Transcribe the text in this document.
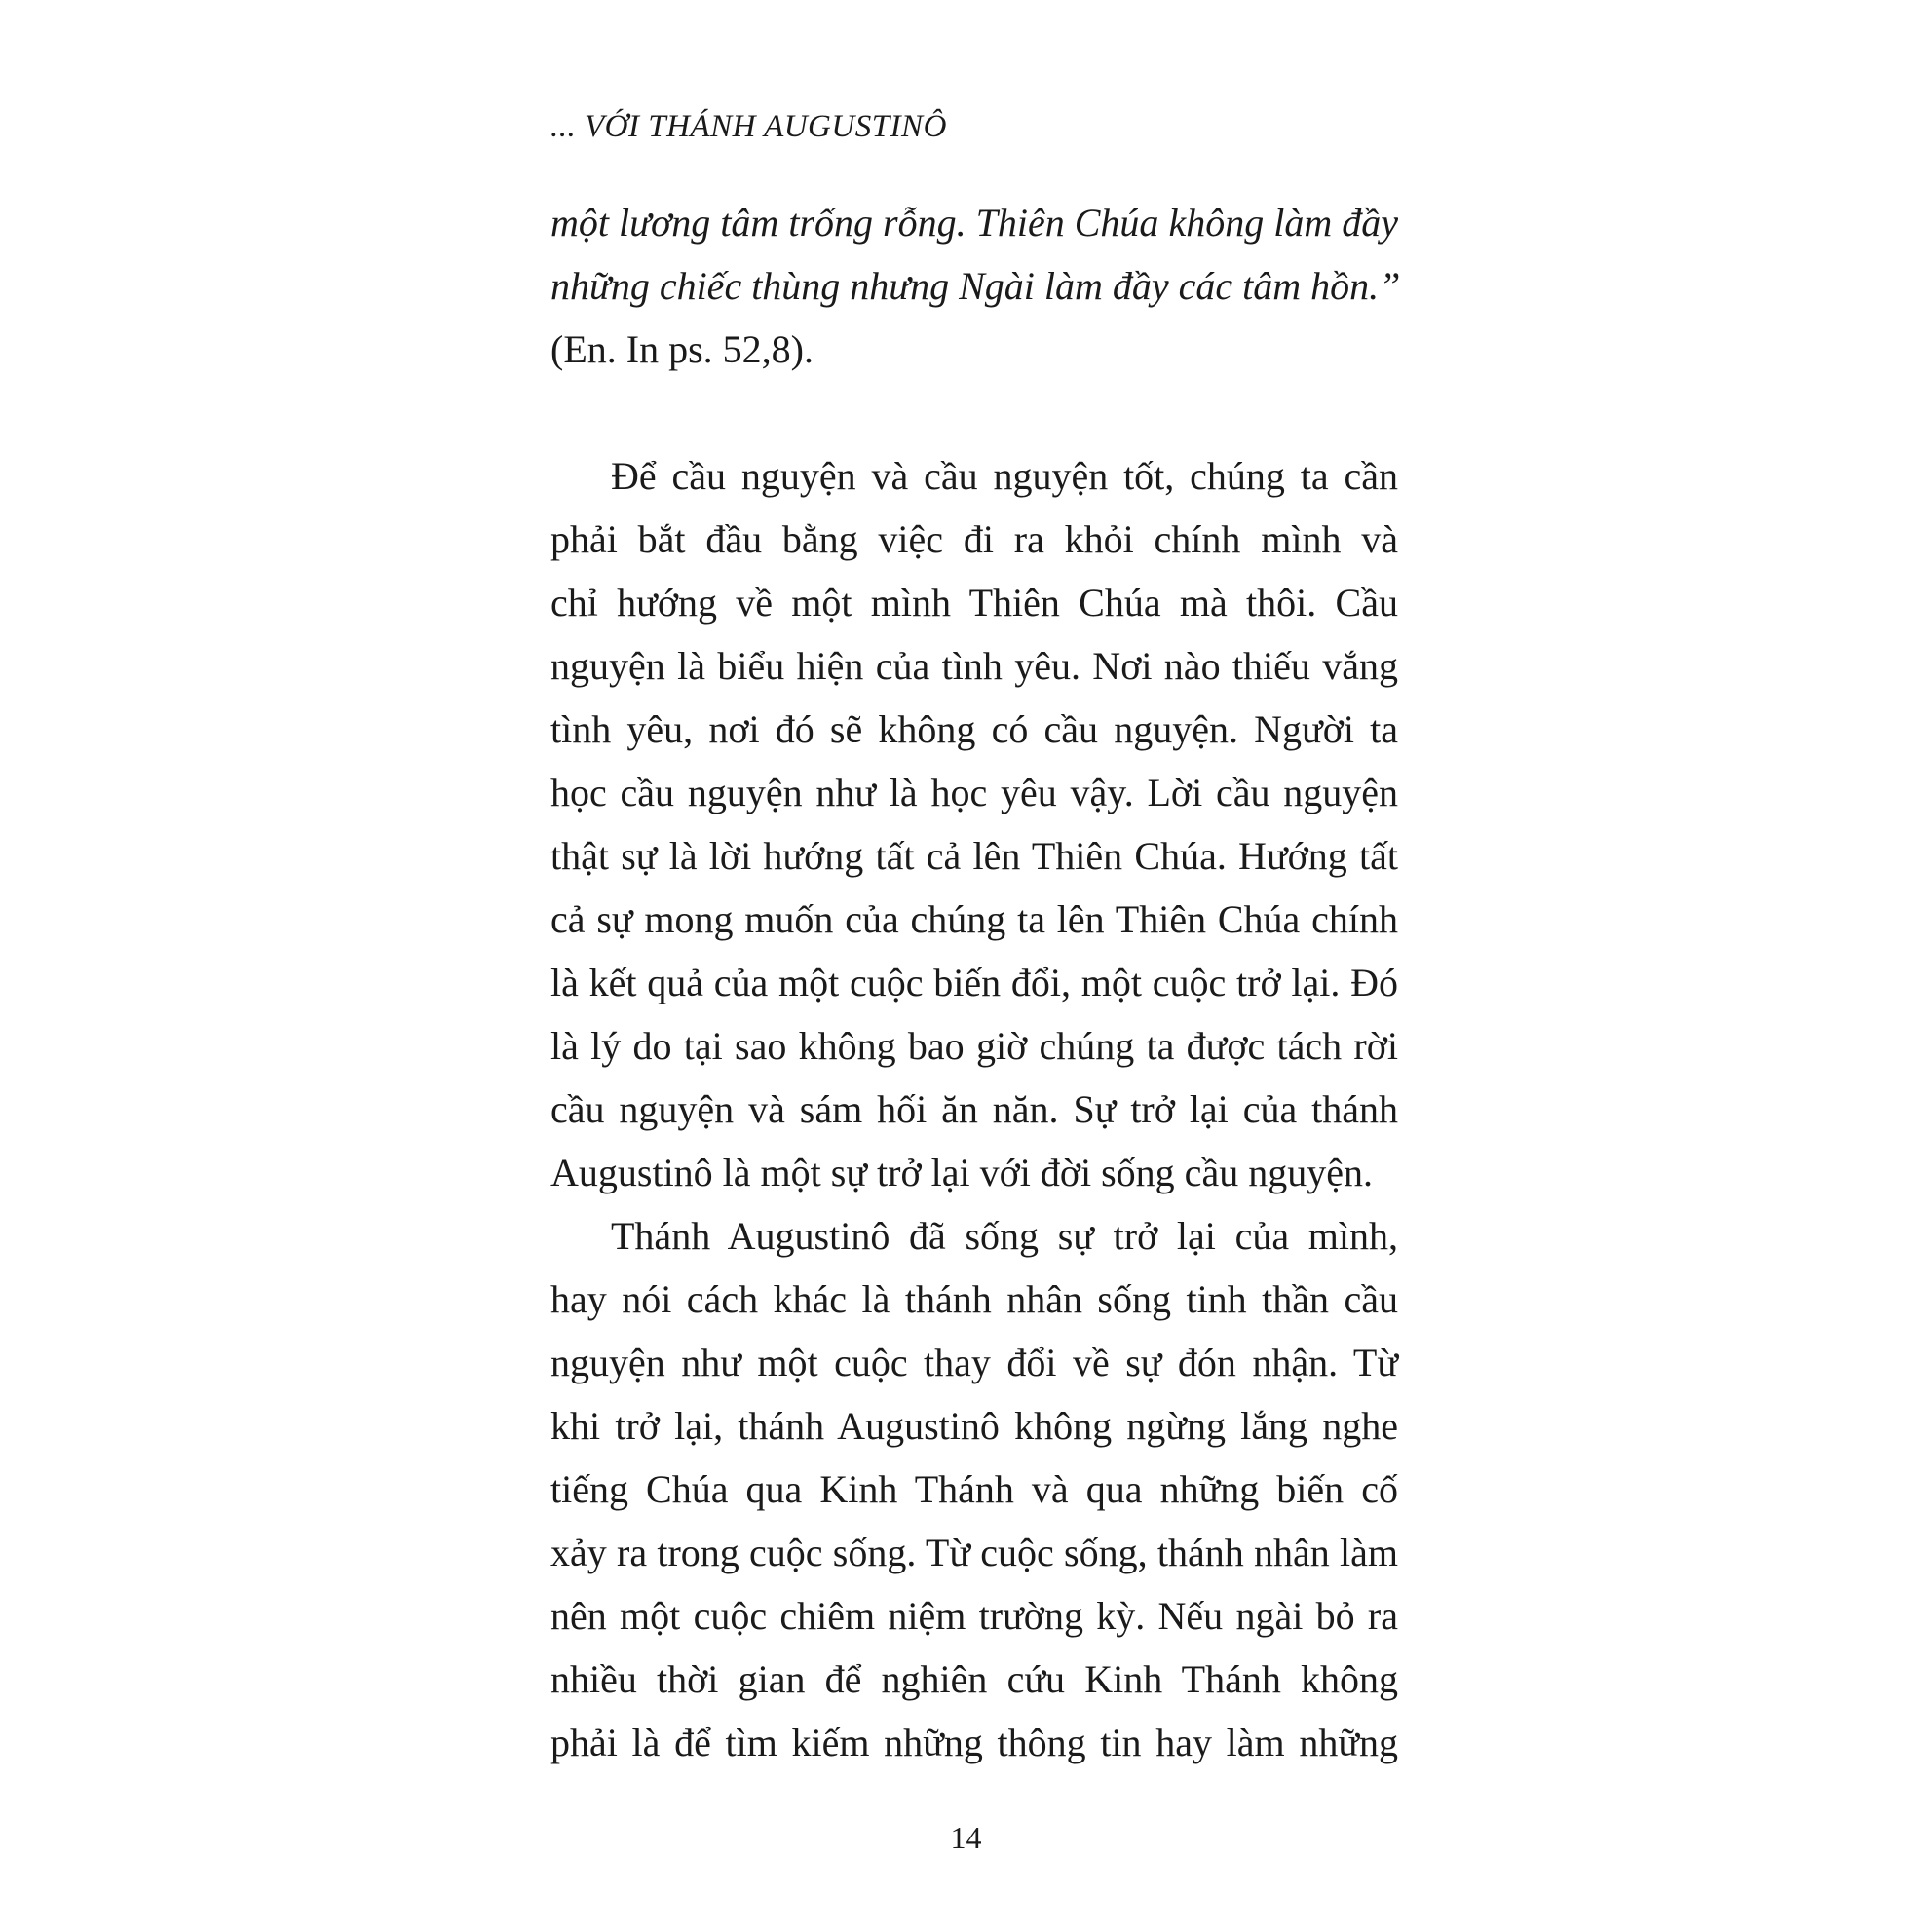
... VỚI THÁNH AUGUSTINÔ
một lương tâm trống rỗng. Thiên Chúa không làm đầy
những chiếc thùng nhưng Ngài làm đầy các tâm hồn.”
(En. In ps. 52,8).
Để cầu nguyện và cầu nguyện tốt, chúng ta cần
phải bắt đầu bằng việc đi ra khỏi chính mình và
chỉ hướng về một mình Thiên Chúa mà thôi. Cầu
nguyện là biểu hiện của tình yêu. Nơi nào thiếu vắng
tình yêu, nơi đó sẽ không có cầu nguyện. Người ta
học cầu nguyện như là học yêu vậy. Lời cầu nguyện
thật sự là lời hướng tất cả lên Thiên Chúa. Hướng tất
cả sự mong muốn của chúng ta lên Thiên Chúa chính
là kết quả của một cuộc biến đổi, một cuộc trở lại. Đó
là lý do tại sao không bao giờ chúng ta được tách rời
cầu nguyện và sám hối ăn năn. Sự trở lại của thánh
Augustinô là một sự trở lại với đời sống cầu nguyện.
Thánh Augustinô đã sống sự trở lại của mình,
hay nói cách khác là thánh nhân sống tinh thần cầu
nguyện như một cuộc thay đổi về sự đón nhận. Từ
khi trở lại, thánh Augustinô không ngừng lắng nghe
tiếng Chúa qua Kinh Thánh và qua những biến cố
xảy ra trong cuộc sống. Từ cuộc sống, thánh nhân làm
nên một cuộc chiêm niệm trường kỳ. Nếu ngài bỏ ra
nhiều thời gian để nghiên cứu Kinh Thánh không
phải là để tìm kiếm những thông tin hay làm những
14
